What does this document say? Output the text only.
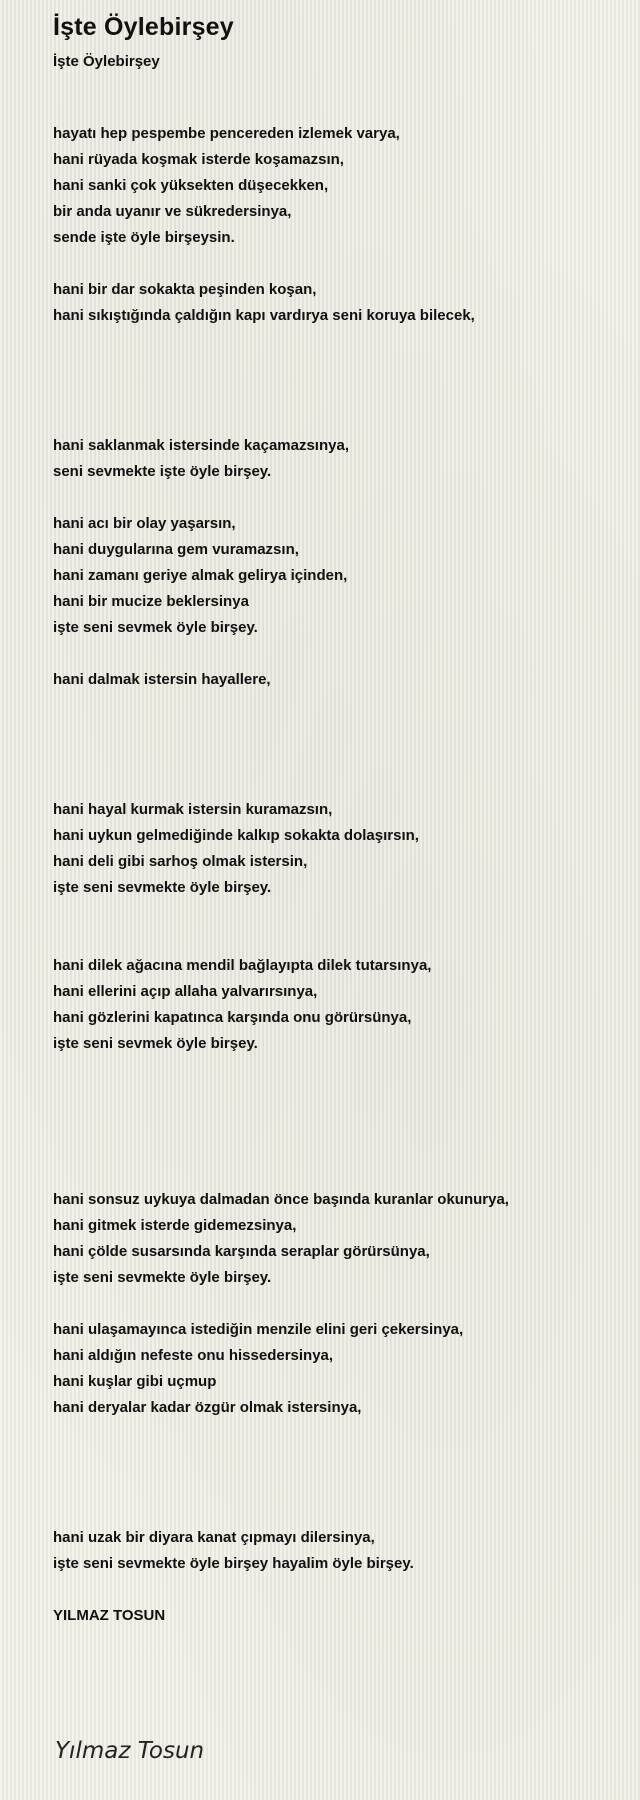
İşte Öylebirşey
İşte Öylebirşey
hayatı hep pespembe pencereden izlemek varya,
hani rüyada koşmak isterde koşamazsın,
hani sanki çok yüksekten düşecekken,
bir anda uyanır ve sükredersinya,
sende işte öyle birşeysin.
hani bir dar sokakta peşinden koşan,
hani sıkıştığında çaldığın kapı vardırya seni koruya bilecek,
hani saklanmak istersinde kaçamazsınya,
seni sevmekte işte öyle birşey.
hani acı bir olay yaşarsın,
hani duygularına gem vuramazsın,
hani zamanı geriye almak gelirya içinden,
hani bir mucize beklersinya
işte seni sevmek öyle birşey.
hani dalmak istersin hayallere,
hani hayal kurmak istersin kuramazsın,
hani uykun gelmediğinde kalkıp sokakta dolaşırsın,
hani deli gibi sarhoş olmak istersin,
işte seni sevmekte öyle birşey.
hani dilek ağacına mendil bağlayıpta dilek tutarsınya,
hani ellerini açıp allaha yalvarırsınya,
hani gözlerini kapatınca karşında onu görürsünya,
işte seni sevmek öyle birşey.
hani sonsuz uykuya dalmadan önce başında kuranlar okunurya,
hani gitmek isterde gidemezsinya,
hani çölde susarsında karşında seraplar görürsünya,
işte seni sevmekte öyle birşey.
hani ulaşamayınca istediğin menzile elini geri çekersinya,
hani aldığın nefeste onu hissedersinya,
hani kuşlar gibi uçmup
hani deryalar kadar özgür olmak istersinya,
hani uzak bir diyara kanat çıpmayı dilersinya,
işte seni sevmekte öyle birşey hayalim öyle birşey.
YILMAZ TOSUN
Yılmaz Tosun
